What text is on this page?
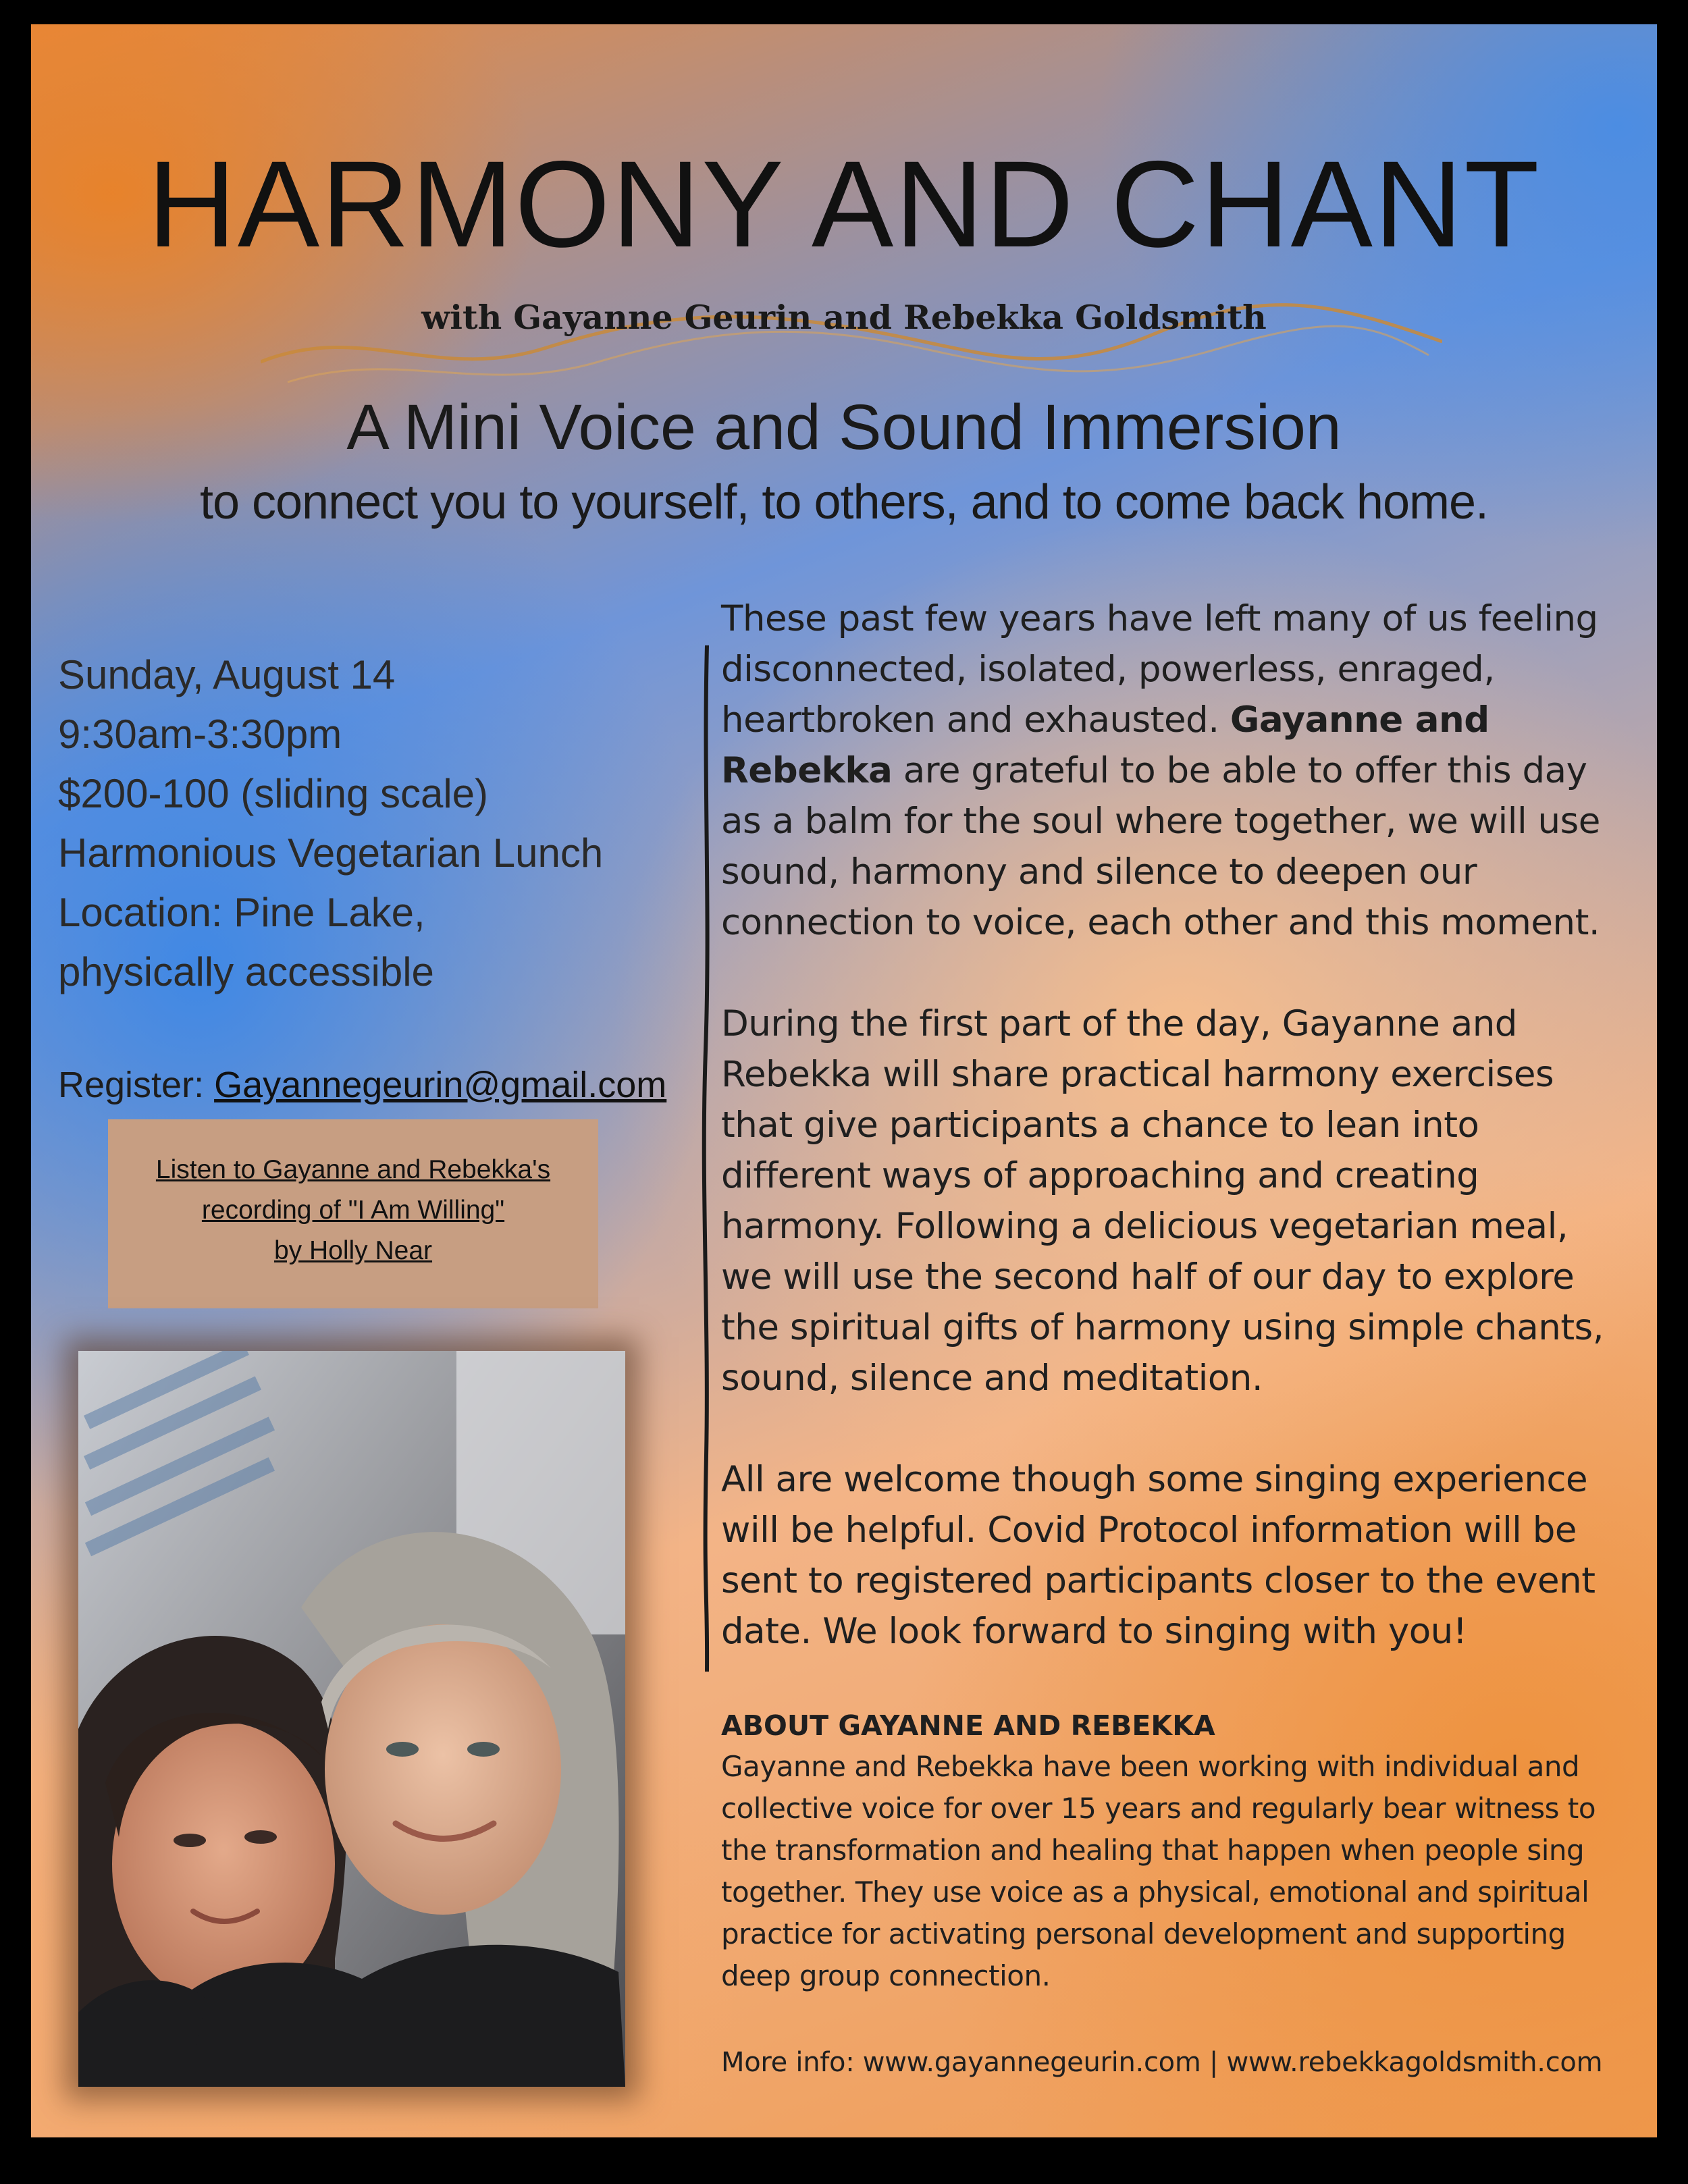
HARMONY AND CHANT
with Gayanne Geurin and Rebekka Goldsmith
A Mini Voice and Sound Immersion
to connect you to yourself, to others, and to come back home.
Sunday, August 14
9:30am-3:30pm
$200-100 (sliding scale)
Harmonious Vegetarian Lunch
Location: Pine Lake,
physically accessible
Register: Gayannegeurin@gmail.com
Listen to Gayanne and Rebekka's
recording of "I Am Willing"
by Holly Near

These past few years have left many of us feeling disconnected, isolated, powerless, enraged, heartbroken and exhausted. Gayanne and Rebekka are grateful to be able to offer this day as a balm for the soul where together, we will use sound, harmony and silence to deepen our connection to voice, each other and this moment.

During the first part of the day, Gayanne and Rebekka will share practical harmony exercises that give participants a chance to lean into different ways of approaching and creating harmony. Following a delicious vegetarian meal, we will use the second half of our day to explore the spiritual gifts of harmony using simple chants, sound, silence and meditation.

All are welcome though some singing experience will be helpful. Covid Protocol information will be sent to registered participants closer to the event date. We look forward to singing with you!

ABOUT GAYANNE AND REBEKKA
Gayanne and Rebekka have been working with individual and collective voice for over 15 years and regularly bear witness to the transformation and healing that happen when people sing together. They use voice as a physical, emotional and spiritual practice for activating personal development and supporting deep group connection.
More info: www.gayannegeurin.com | www.rebekkagoldsmith.com
